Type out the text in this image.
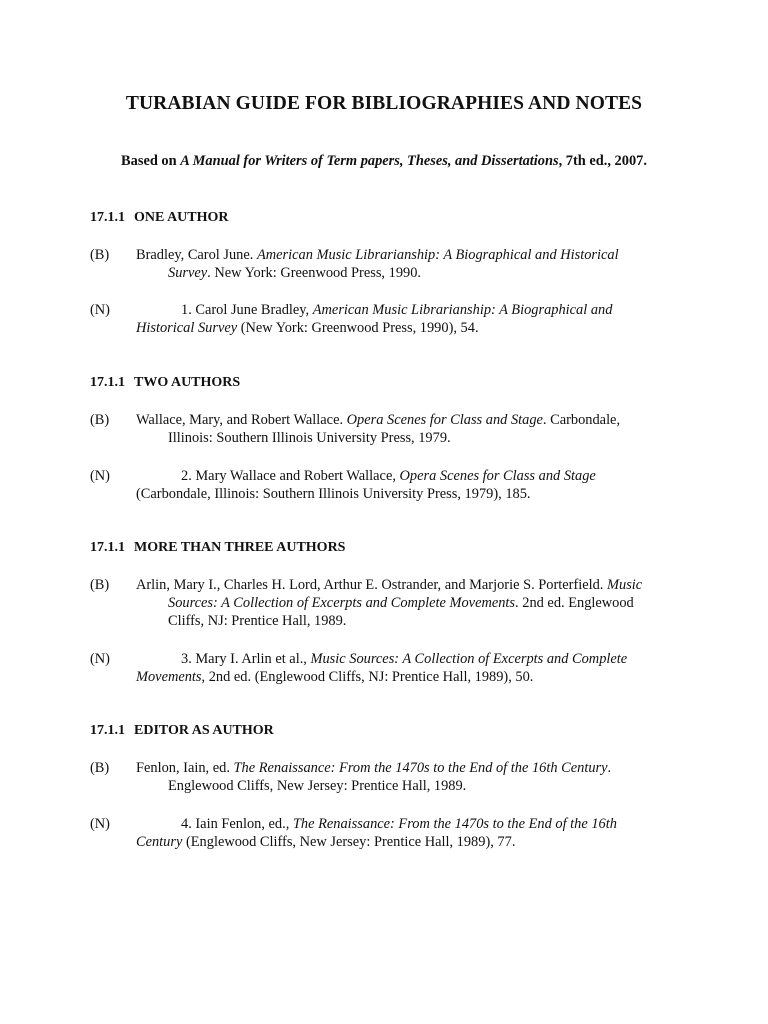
TURABIAN GUIDE FOR BIBLIOGRAPHIES AND NOTES
Based on A Manual for Writers of Term papers, Theses, and Dissertations, 7th ed., 2007.
17.1.1 ONE AUTHOR
(B)	Bradley, Carol June. American Music Librarianship: A Biographical and Historical
Survey. New York: Greenwood Press, 1990.
(N)	1. Carol June Bradley, American Music Librarianship: A Biographical and
Historical Survey (New York: Greenwood Press, 1990), 54.
17.1.1 TWO AUTHORS
(B)	Wallace, Mary, and Robert Wallace. Opera Scenes for Class and Stage. Carbondale,
Illinois: Southern Illinois University Press, 1979.
(N)	2. Mary Wallace and Robert Wallace, Opera Scenes for Class and Stage
(Carbondale, Illinois: Southern Illinois University Press, 1979), 185.
17.1.1 MORE THAN THREE AUTHORS
(B)	Arlin, Mary I., Charles H. Lord, Arthur E. Ostrander, and Marjorie S. Porterfield. Music
Sources: A Collection of Excerpts and Complete Movements. 2nd ed. Englewood
Cliffs, NJ: Prentice Hall, 1989.
(N)	3. Mary I. Arlin et al., Music Sources: A Collection of Excerpts and Complete
Movements, 2nd ed. (Englewood Cliffs, NJ: Prentice Hall, 1989), 50.
17.1.1 EDITOR AS AUTHOR
(B)	Fenlon, Iain, ed. The Renaissance: From the 1470s to the End of the 16th Century.
Englewood Cliffs, New Jersey: Prentice Hall, 1989.
(N)	4. Iain Fenlon, ed., The Renaissance: From the 1470s to the End of the 16th
Century (Englewood Cliffs, New Jersey: Prentice Hall, 1989), 77.
